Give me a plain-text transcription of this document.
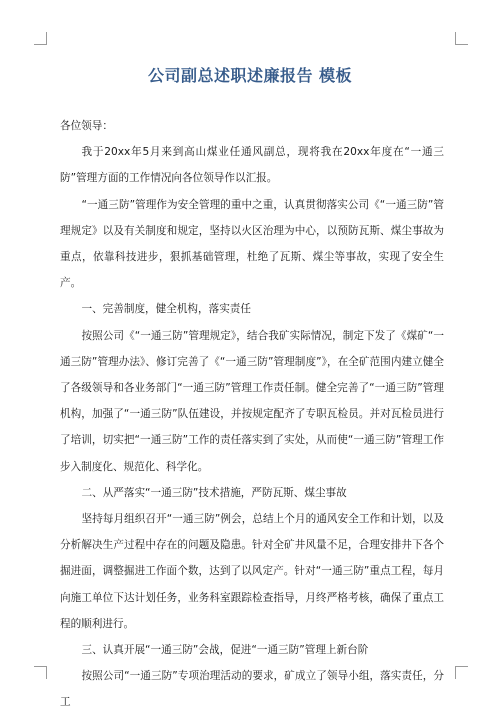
公司副总述职述廉报告 模板

各位领导：

我于20xx年5月来到高山煤业任通风副总，现将我在20xx年度在“一通三防”管理方面的工作情况向各位领导作以汇报。

“一通三防”管理作为安全管理的重中之重，认真贯彻落实公司《“一通三防”管理规定》以及有关制度和规定，坚持以火区治理为中心，以预防瓦斯、煤尘事故为重点，依靠科技进步，狠抓基础管理，杜绝了瓦斯、煤尘等事故，实现了安全生产。

一、完善制度，健全机构，落实责任

按照公司《“一通三防”管理规定》，结合我矿实际情况，制定下发了《煤矿“一通三防”管理办法》、修订完善了《“一通三防”管理制度”》，在全矿范围内建立健全了各级领导和各业务部门“一通三防”管理工作责任制。健全完善了“一通三防”管理机构，加强了“一通三防”队伍建设，并按规定配齐了专职瓦检员。并对瓦检员进行了培训，切实把“一通三防”工作的责任落实到了实处，从而使“一通三防”管理工作步入制度化、规范化、科学化。

二、从严落实“一通三防”技术措施，严防瓦斯、煤尘事故

坚持每月组织召开“一通三防”例会，总结上个月的通风安全工作和计划，以及分析解决生产过程中存在的问题及隐患。针对全矿井风量不足，合理安排井下各个掘进面，调整掘进工作面个数，达到了以风定产。针对“一通三防”重点工程，每月向施工单位下达计划任务，业务科室跟踪检查指导，月终严格考核，确保了重点工程的顺利进行。

三、认真开展“一通三防”会战，促进“一通三防”管理上新台阶

按照公司“一通三防”专项治理活动的要求，矿成立了领导小组，落实责任，分工
